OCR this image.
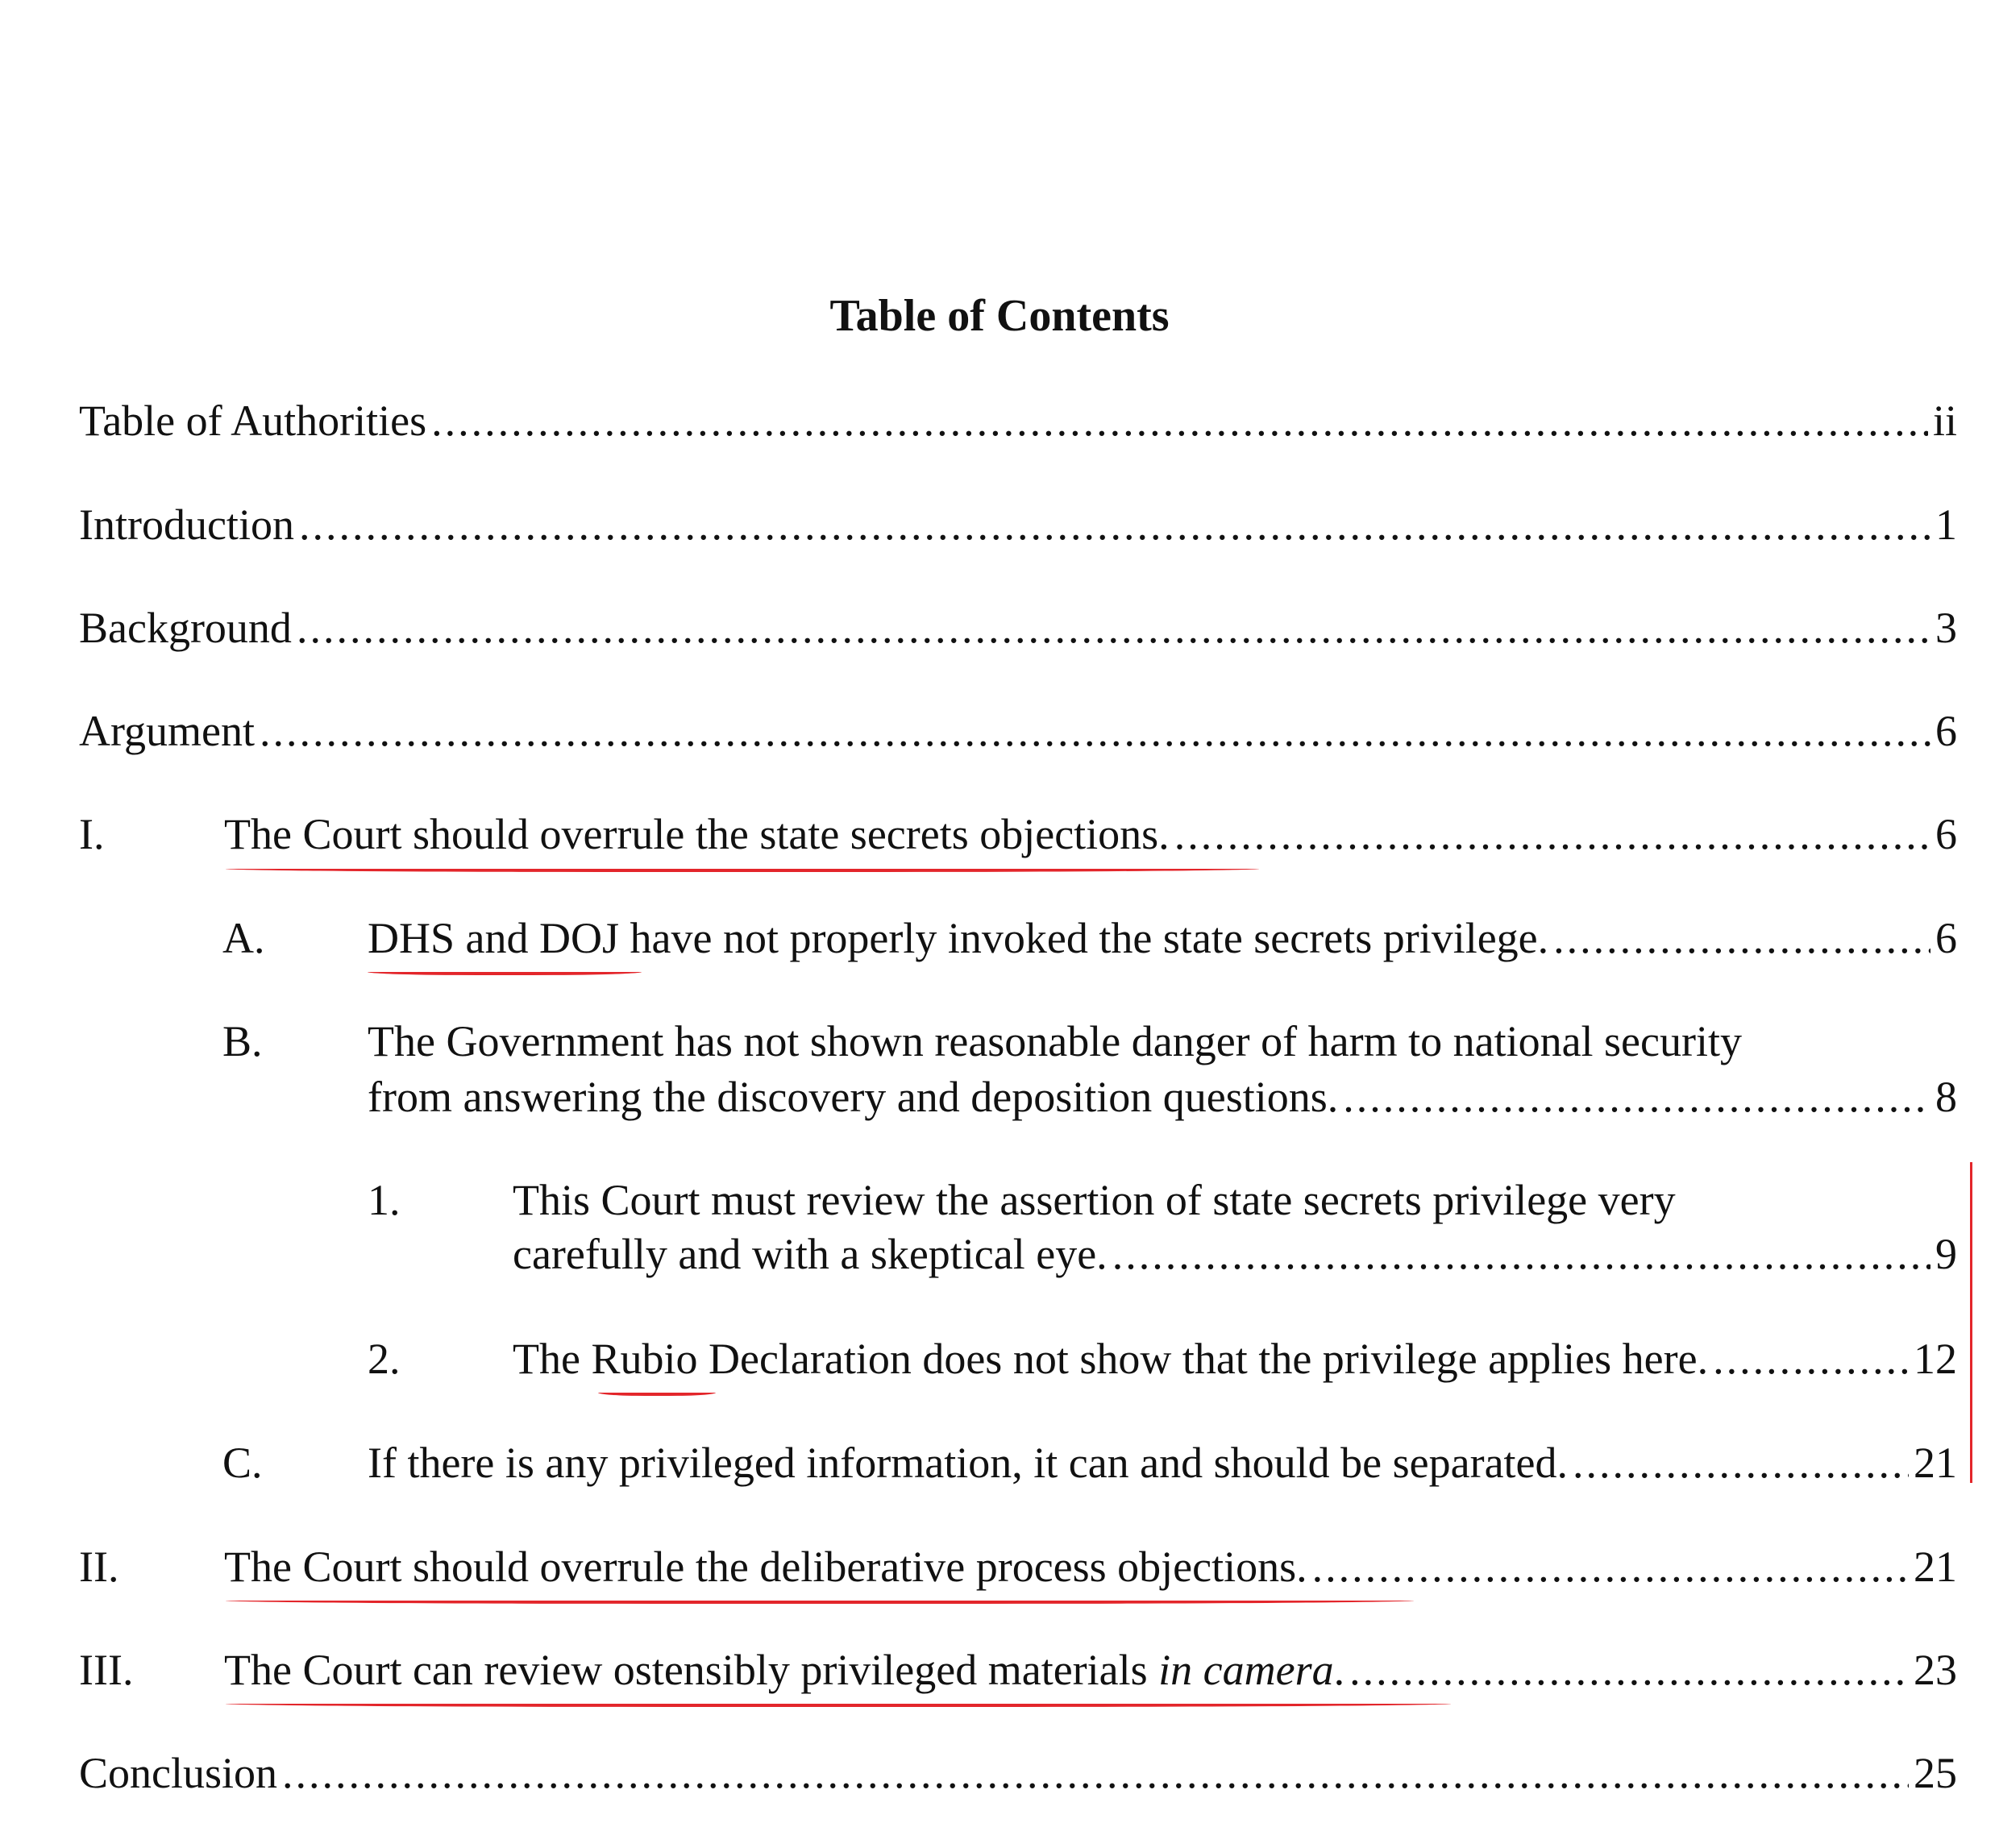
Table of Contents
Table of Authorities .....	ii
Introduction .....	1
Background .....	3
Argument .....	6
I.	The Court should overrule the state secrets objections. .....	6
A. DHS and DOJ have not properly invoked the state secrets privilege. .....	6
B. The Government has not shown reasonable danger of harm to national security
from answering the discovery and deposition questions. .....	8
1.	This Court must review the assertion of state secrets privilege very
carefully and with a skeptical eye. .....	9
2.	The Rubio Declaration does not show that the privilege applies here. .....	12
C. If there is any privileged information, it can and should be separated. .....	21
II. The Court should overrule the deliberative process objections. .....	21
III. The Court can review ostensibly privileged materials in camera. .....	23
Conclusion .....	25
